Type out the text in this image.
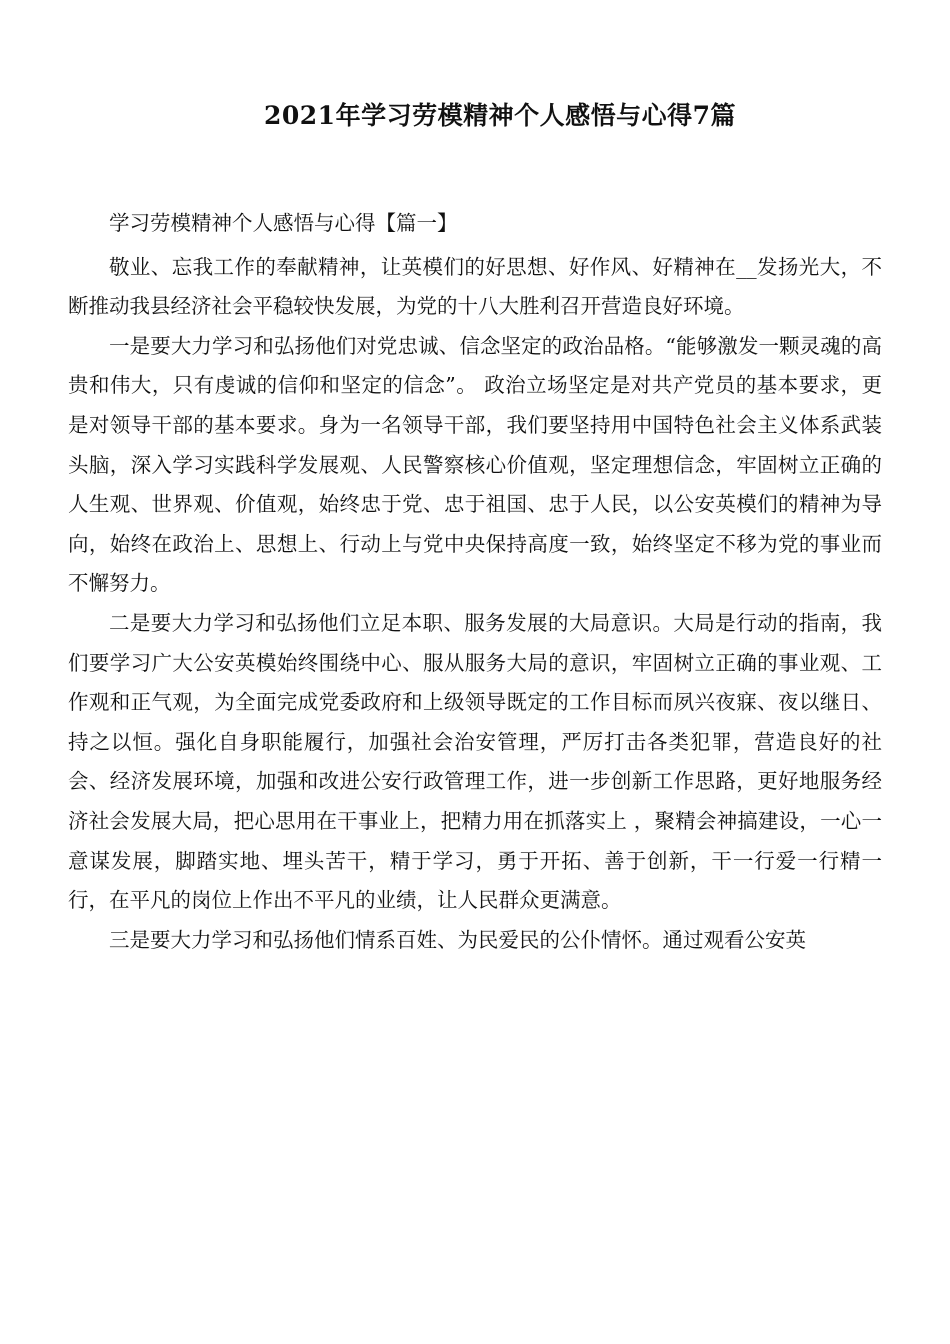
2021年学习劳模精神个人感悟与心得7篇

学习劳模精神个人感悟与心得【篇一】

敬业、忘我工作的奉献精神，让英模们的好思想、好作风、好精神在__发扬光大，不断推动我县经济社会平稳较快发展，为党的十八大胜利召开营造良好环境。

一是要大力学习和弘扬他们对党忠诚、信念坚定的政治品格。“能够激发一颗灵魂的高贵和伟大，只有虔诚的信仰和坚定的信念”。 政治立场坚定是对共产党员的基本要求，更是对领导干部的基本要求。身为一名领导干部，我们要坚持用中国特色社会主义体系武装头脑，深入学习实践科学发展观、人民警察核心价值观，坚定理想信念，牢固树立正确的人生观、世界观、价值观，始终忠于党、忠于祖国、忠于人民，以公安英模们的精神为导向，始终在政治上、思想上、行动上与党中央保持高度一致，始终坚定不移为党的事业而不懈努力。

二是要大力学习和弘扬他们立足本职、服务发展的大局意识。大局是行动的指南，我们要学习广大公安英模始终围绕中心、服从服务大局的意识，牢固树立正确的事业观、工作观和正气观，为全面完成党委政府和上级领导既定的工作目标而夙兴夜寐、夜以继日、持之以恒。强化自身职能履行，加强社会治安管理，严厉打击各类犯罪，营造良好的社会、经济发展环境，加强和改进公安行政管理工作，进一步创新工作思路，更好地服务经济社会发展大局，把心思用在干事业上，把精力用在抓落实上 ，聚精会神搞建设，一心一意谋发展，脚踏实地、埋头苦干，精于学习，勇于开拓、善于创新，干一行爱一行精一行，在平凡的岗位上作出不平凡的业绩，让人民群众更满意。

三是要大力学习和弘扬他们情系百姓、为民爱民的公仆情怀。通过观看公安英
